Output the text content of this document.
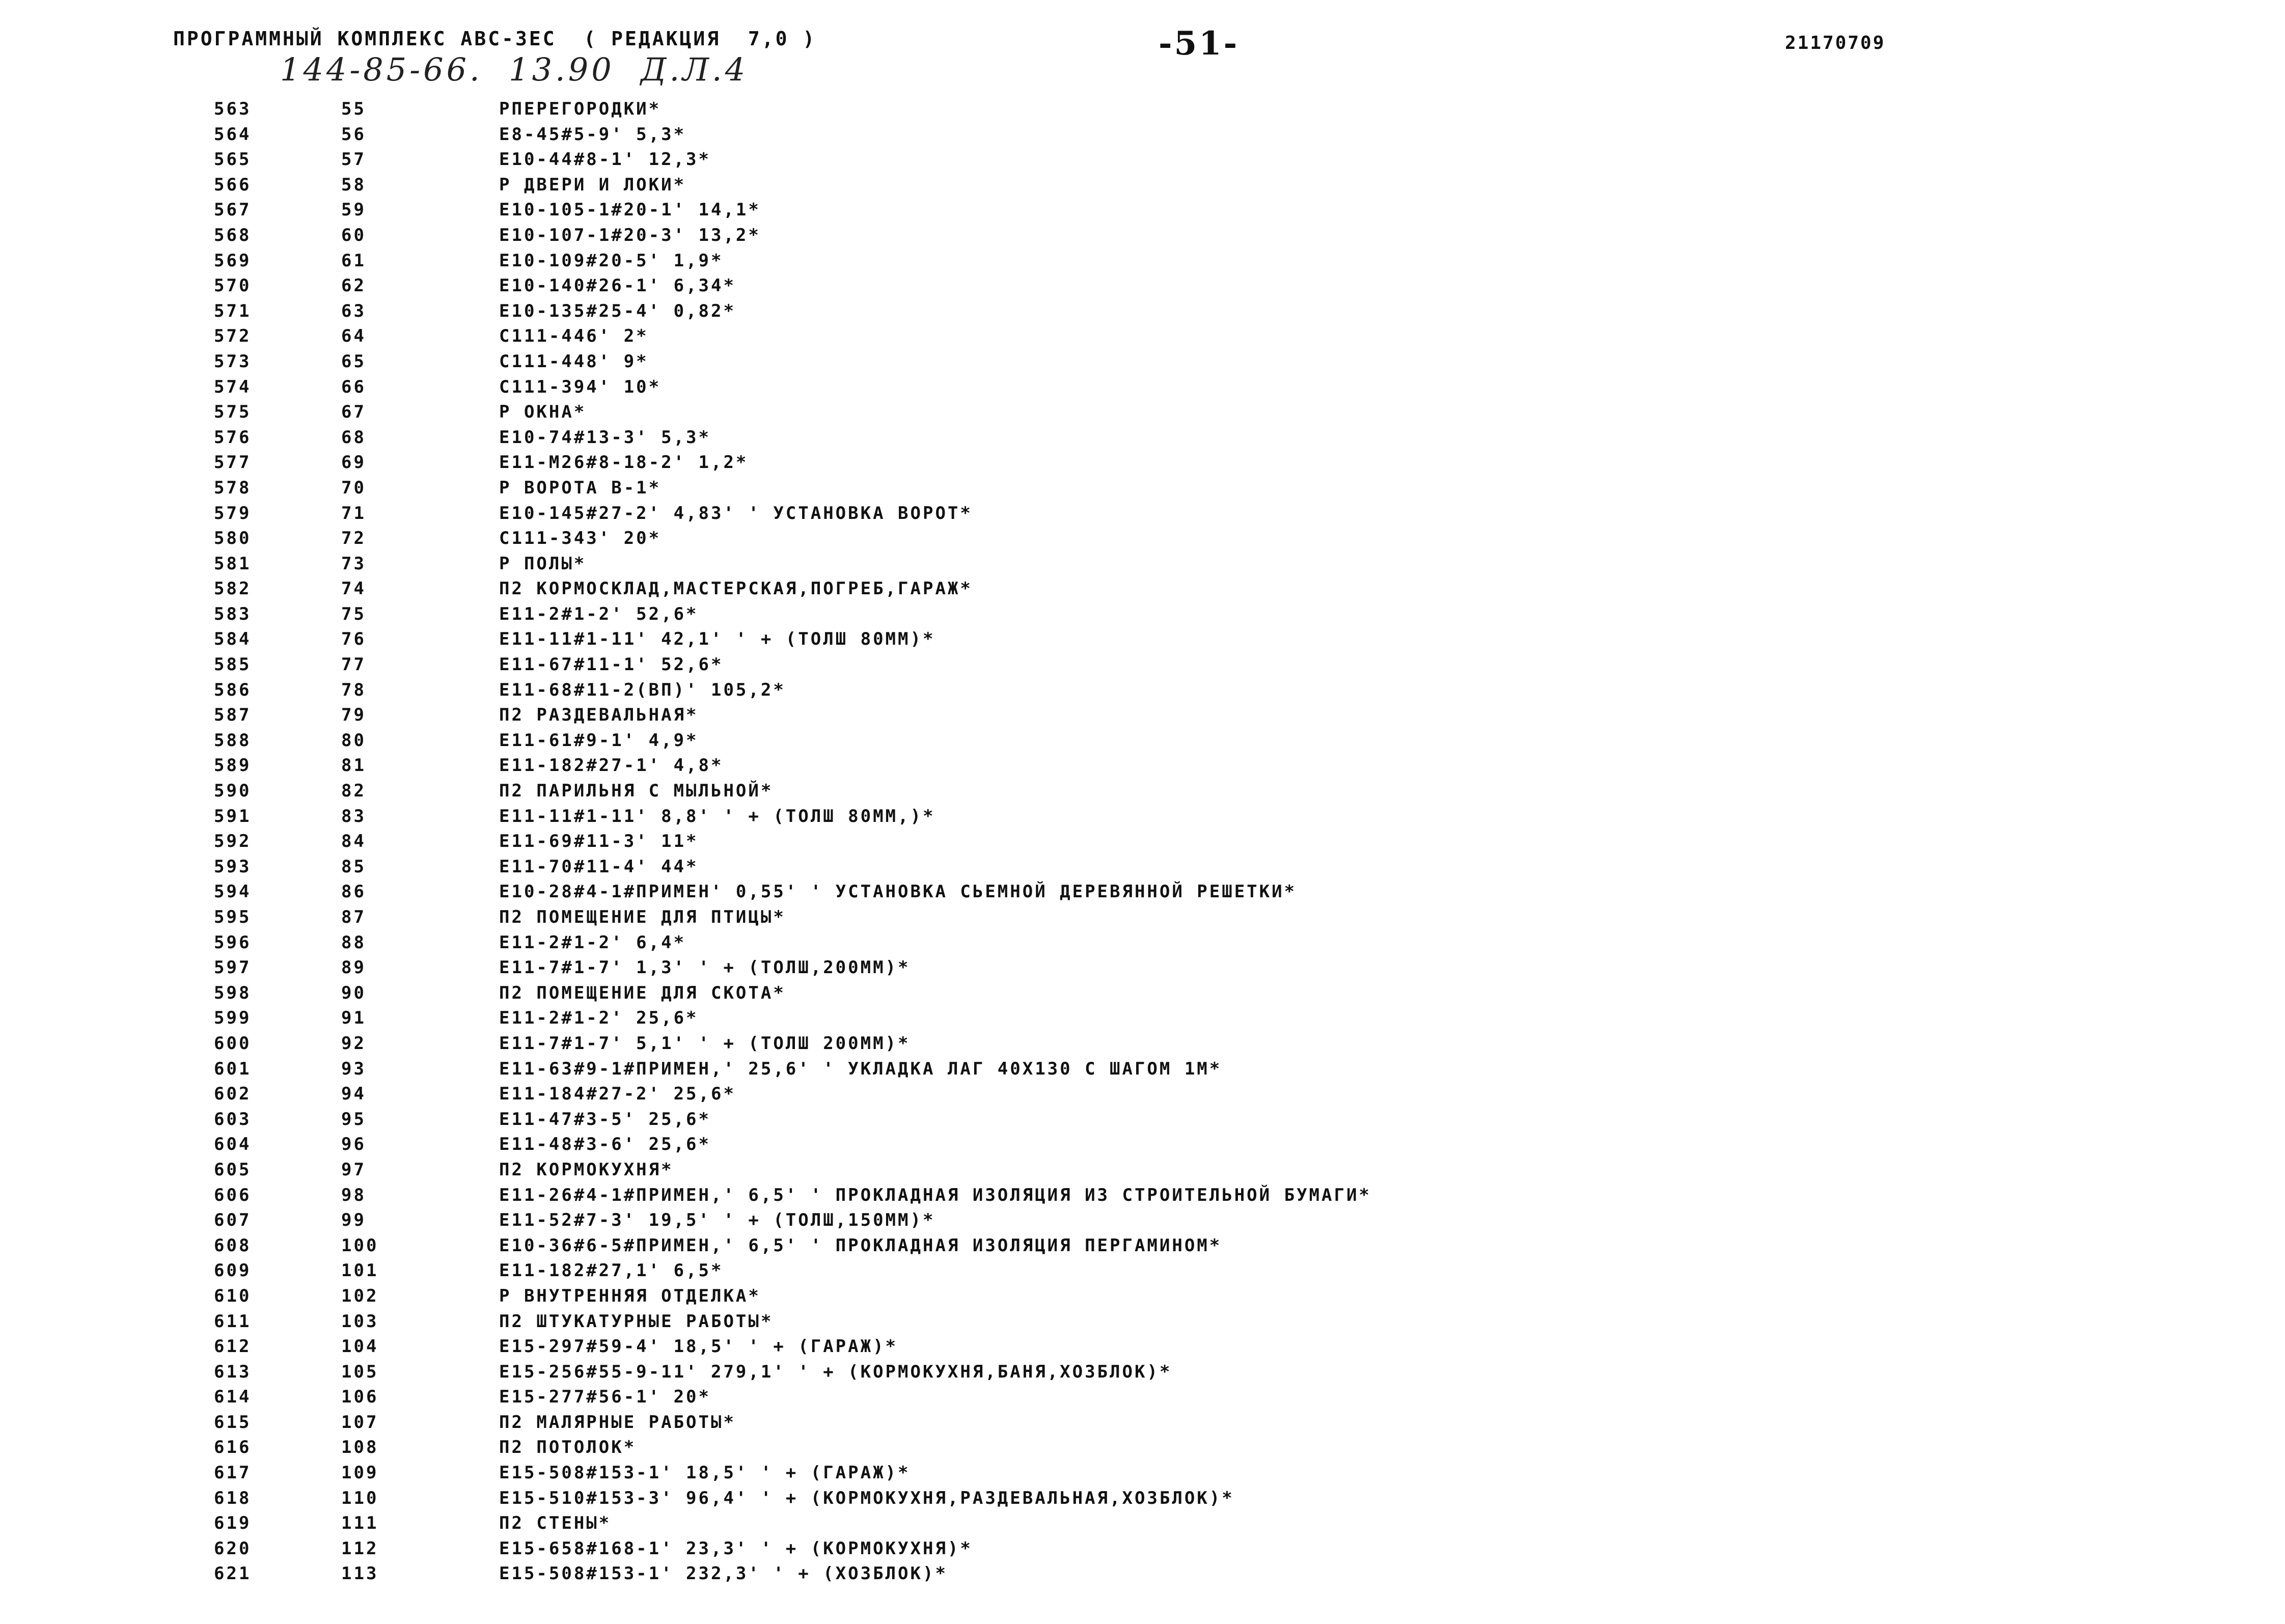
ПРОГРАММНЫЙ КОМПЛЕКС АВС-3ЕС  ( РЕДАКЦИЯ  7,0 )
144-85-66.  13.90  Д.Л.4
-51-	21170709
563	55	РПЕРЕГОРОДКИ*
564	56	Е8-45#5-9' 5,3*
565	57	Е10-44#8-1' 12,3*
566	58	Р ДВЕРИ И ЛОКИ*
567	59	Е10-105-1#20-1' 14,1*
568	60	Е10-107-1#20-3' 13,2*
569	61	Е10-109#20-5' 1,9*
570	62	Е10-140#26-1' 6,34*
571	63	Е10-135#25-4' 0,82*
572	64	С111-446' 2*
573	65	С111-448' 9*
574	66	С111-394' 10*
575	67	Р ОКНА*
576	68	Е10-74#13-3' 5,3*
577	69	Е11-М26#8-18-2' 1,2*
578	70	Р ВОРОТА В-1*
579	71	Е10-145#27-2' 4,83' ' УСТАНОВКА ВОРОТ*
580	72	С111-343' 20*
581	73	Р ПОЛЫ*
582	74	П2 КОРМОСКЛАД,МАСТЕРСКАЯ,ПОГРЕБ,ГАРАЖ*
583	75	Е11-2#1-2' 52,6*
584	76	Е11-11#1-11' 42,1' ' + (ТОЛШ 80ММ)*
585	77	Е11-67#11-1' 52,6*
586	78	Е11-68#11-2(ВП)' 105,2*
587	79	П2 РАЗДЕВАЛЬНАЯ*
588	80	Е11-61#9-1' 4,9*
589	81	Е11-182#27-1' 4,8*
590	82	П2 ПАРИЛЬНЯ С МЫЛЬНОЙ*
591	83	Е11-11#1-11' 8,8' ' + (ТОЛШ 80ММ,)*
592	84	Е11-69#11-3' 11*
593	85	Е11-70#11-4' 44*
594	86	Е10-28#4-1#ПРИМЕН' 0,55' ' УСТАНОВКА СЬЕМНОЙ ДЕРЕВЯННОЙ РЕШЕТКИ*
595	87	П2 ПОМЕЩЕНИЕ ДЛЯ ПТИЦЫ*
596	88	Е11-2#1-2' 6,4*
597	89	Е11-7#1-7' 1,3' ' + (ТОЛШ,200ММ)*
598	90	П2 ПОМЕЩЕНИЕ ДЛЯ СКОТА*
599	91	Е11-2#1-2' 25,6*
600	92	Е11-7#1-7' 5,1' ' + (ТОЛШ 200ММ)*
601	93	Е11-63#9-1#ПРИМЕН,' 25,6' ' УКЛАДКА ЛАГ 40Х130 С ШАГОМ 1М*
602	94	Е11-184#27-2' 25,6*
603	95	Е11-47#3-5' 25,6*
604	96	Е11-48#3-6' 25,6*
605	97	П2 КОРМОКУХНЯ*
606	98	Е11-26#4-1#ПРИМЕН,' 6,5' ' ПРОКЛАДНАЯ ИЗОЛЯЦИЯ ИЗ СТРОИТЕЛЬНОЙ БУМАГИ*
607	99	Е11-52#7-3' 19,5' ' + (ТОЛШ,150ММ)*
608	100	Е10-36#6-5#ПРИМЕН,' 6,5' ' ПРОКЛАДНАЯ ИЗОЛЯЦИЯ ПЕРГАМИНОМ*
609	101	Е11-182#27,1' 6,5*
610	102	Р ВНУТРЕННЯЯ ОТДЕЛКА*
611	103	П2 ШТУКАТУРНЫЕ РАБОТЫ*
612	104	Е15-297#59-4' 18,5' ' + (ГАРАЖ)*
613	105	Е15-256#55-9-11' 279,1' ' + (КОРМОКУХНЯ,БАНЯ,ХОЗБЛОК)*
614	106	Е15-277#56-1' 20*
615	107	П2 МАЛЯРНЫЕ РАБОТЫ*
616	108	П2 ПОТОЛОК*
617	109	Е15-508#153-1' 18,5' ' + (ГАРАЖ)*
618	110	Е15-510#153-3' 96,4' ' + (КОРМОКУХНЯ,РАЗДЕВАЛЬНАЯ,ХОЗБЛОК)*
619	111	П2 СТЕНЫ*
620	112	Е15-658#168-1' 23,3' ' + (КОРМОКУХНЯ)*
621	113	Е15-508#153-1' 232,3' ' + (ХОЗБЛОК)*
